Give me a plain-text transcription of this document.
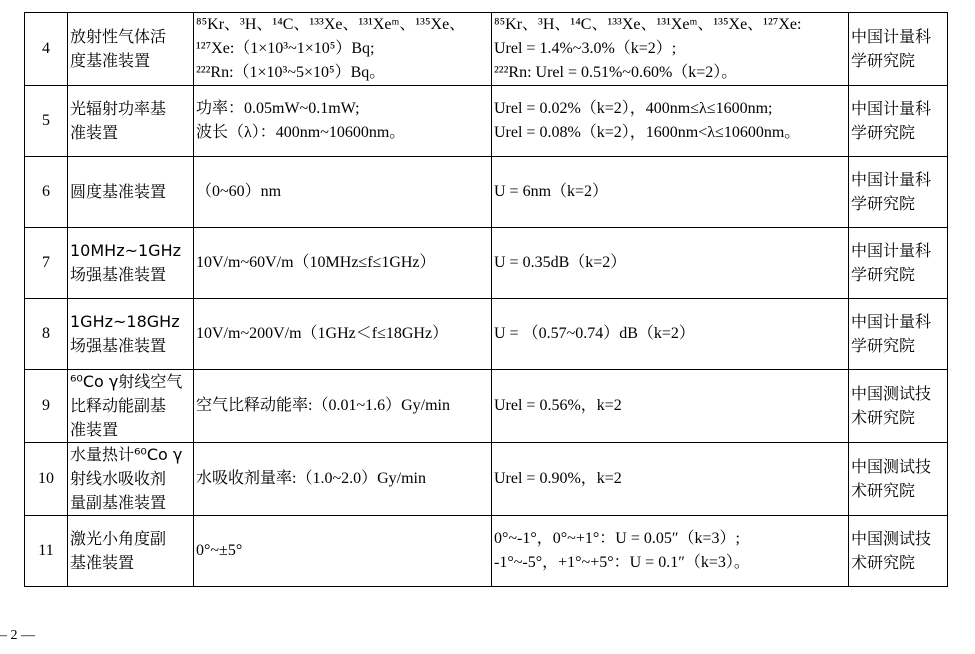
4	放射性气体活
度基准装置	⁸⁵Kr、³H、¹⁴C、¹³³Xe、¹³¹Xeᵐ、¹³⁵Xe、
¹²⁷Xe:（1×10³~1×10⁵）Bq;
²²²Rn:（1×10³~5×10⁵）Bq。	⁸⁵Kr、³H、¹⁴C、¹³³Xe、¹³¹Xeᵐ、¹³⁵Xe、¹²⁷Xe:
Urel = 1.4%~3.0%（k=2）;
²²²Rn: Urel = 0.51%~0.60%（k=2）。	中国计量科
学研究院

5	光辐射功率基
准装置	功率：0.05mW~0.1mW;
波长（λ）：400nm~10600nm。	Urel = 0.02%（k=2），400nm≤λ≤1600nm;
Urel = 0.08%（k=2），1600nm<λ≤10600nm。	中国计量科
学研究院

6	圆度基准装置	（0~60）nm	U = 6nm（k=2）	中国计量科
学研究院

7	10MHz~1GHz
场强基准装置	10V/m~60V/m（10MHz≤f≤1GHz）	U = 0.35dB（k=2）	中国计量科
学研究院

8	1GHz~18GHz
场强基准装置	10V/m~200V/m（1GHz＜f≤18GHz）	U = （0.57~0.74）dB（k=2）	中国计量科
学研究院

9	⁶⁰Co γ射线空气
比释动能副基
准装置	空气比释动能率:（0.01~1.6）Gy/min	Urel = 0.56%，k=2	中国测试技
术研究院

10	水量热计⁶⁰Co γ
射线水吸收剂
量副基准装置	水吸收剂量率:（1.0~2.0）Gy/min	Urel = 0.90%，k=2	中国测试技
术研究院

11	激光小角度副
基准装置	0°~±5°	0°~-1°，0°~+1°：U = 0.05″（k=3）;
-1°~-5°，+1°~+5°：U = 0.1″（k=3）。	中国测试技
术研究院
– 2 —
